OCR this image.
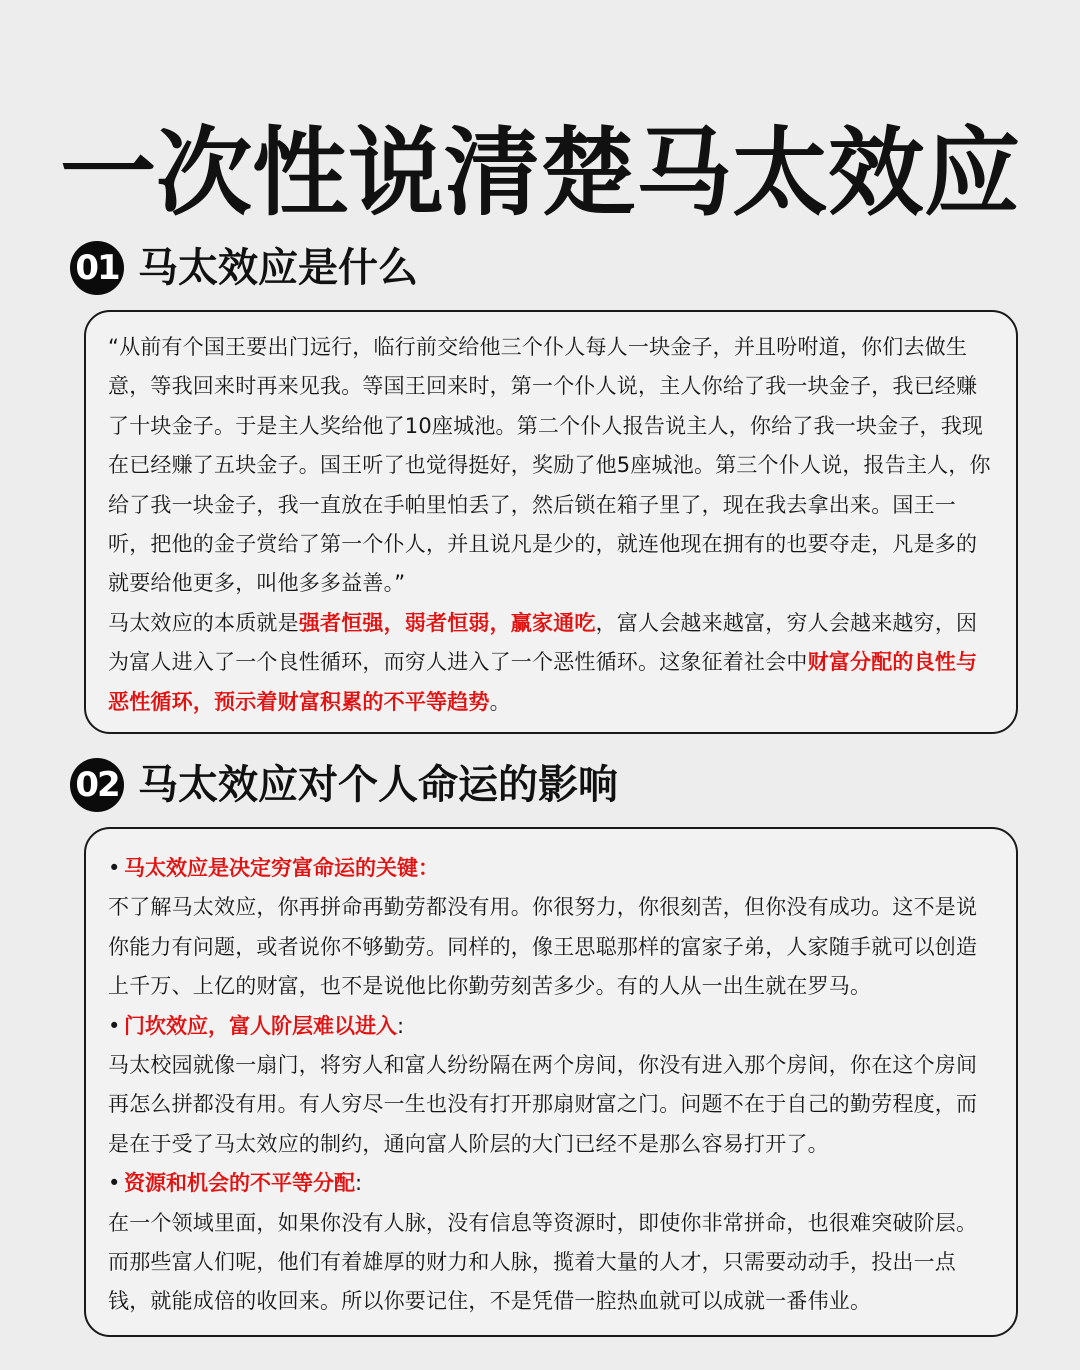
一次性说清楚马太效应
01 马太效应是什么

“从前有个国王要出门远行，临行前交给他三个仆人每人一块金子，并且吩咐道，你们去做生意，等我回来时再来见我。等国王回来时，第一个仆人说，主人你给了我一块金子，我已经赚了十块金子。于是主人奖给他了10座城池。第二个仆人报告说主人，你给了我一块金子，我现在已经赚了五块金子。国王听了也觉得挺好，奖励了他5座城池。第三个仆人说，报告主人，你给了我一块金子，我一直放在手帕里怕丢了，然后锁在箱子里了，现在我去拿出来。国王一听，把他的金子赏给了第一个仆人，并且说凡是少的，就连他现在拥有的也要夺走，凡是多的就要给他更多，叫他多多益善。”

马太效应的本质就是强者恒强，弱者恒弱，赢家通吃，富人会越来越富，穷人会越来越穷，因为富人进入了一个良性循环，而穷人进入了一个恶性循环。这象征着社会中财富分配的良性与恶性循环，预示着财富积累的不平等趋势。

02 马太效应对个人命运的影响

• 马太效应是决定穷富命运的关键：

不了解马太效应，你再拼命再勤劳都没有用。你很努力，你很刻苦，但你没有成功。这不是说你能力有问题，或者说你不够勤劳。同样的，像王思聪那样的富家子弟，人家随手就可以创造上千万、上亿的财富，也不是说他比你勤劳刻苦多少。有的人从一出生就在罗马。

• 门坎效应，富人阶层难以进入:

马太校园就像一扇门，将穷人和富人纷纷隔在两个房间，你没有进入那个房间，你在这个房间再怎么拼都没有用。有人穷尽一生也没有打开那扇财富之门。问题不在于自己的勤劳程度，而是在于受了马太效应的制约，通向富人阶层的大门已经不是那么容易打开了。

• 资源和机会的不平等分配:

在一个领域里面，如果你没有人脉，没有信息等资源时，即使你非常拼命，也很难突破阶层。而那些富人们呢，他们有着雄厚的财力和人脉，揽着大量的人才，只需要动动手，投出一点钱，就能成倍的收回来。所以你要记住，不是凭借一腔热血就可以成就一番伟业。
